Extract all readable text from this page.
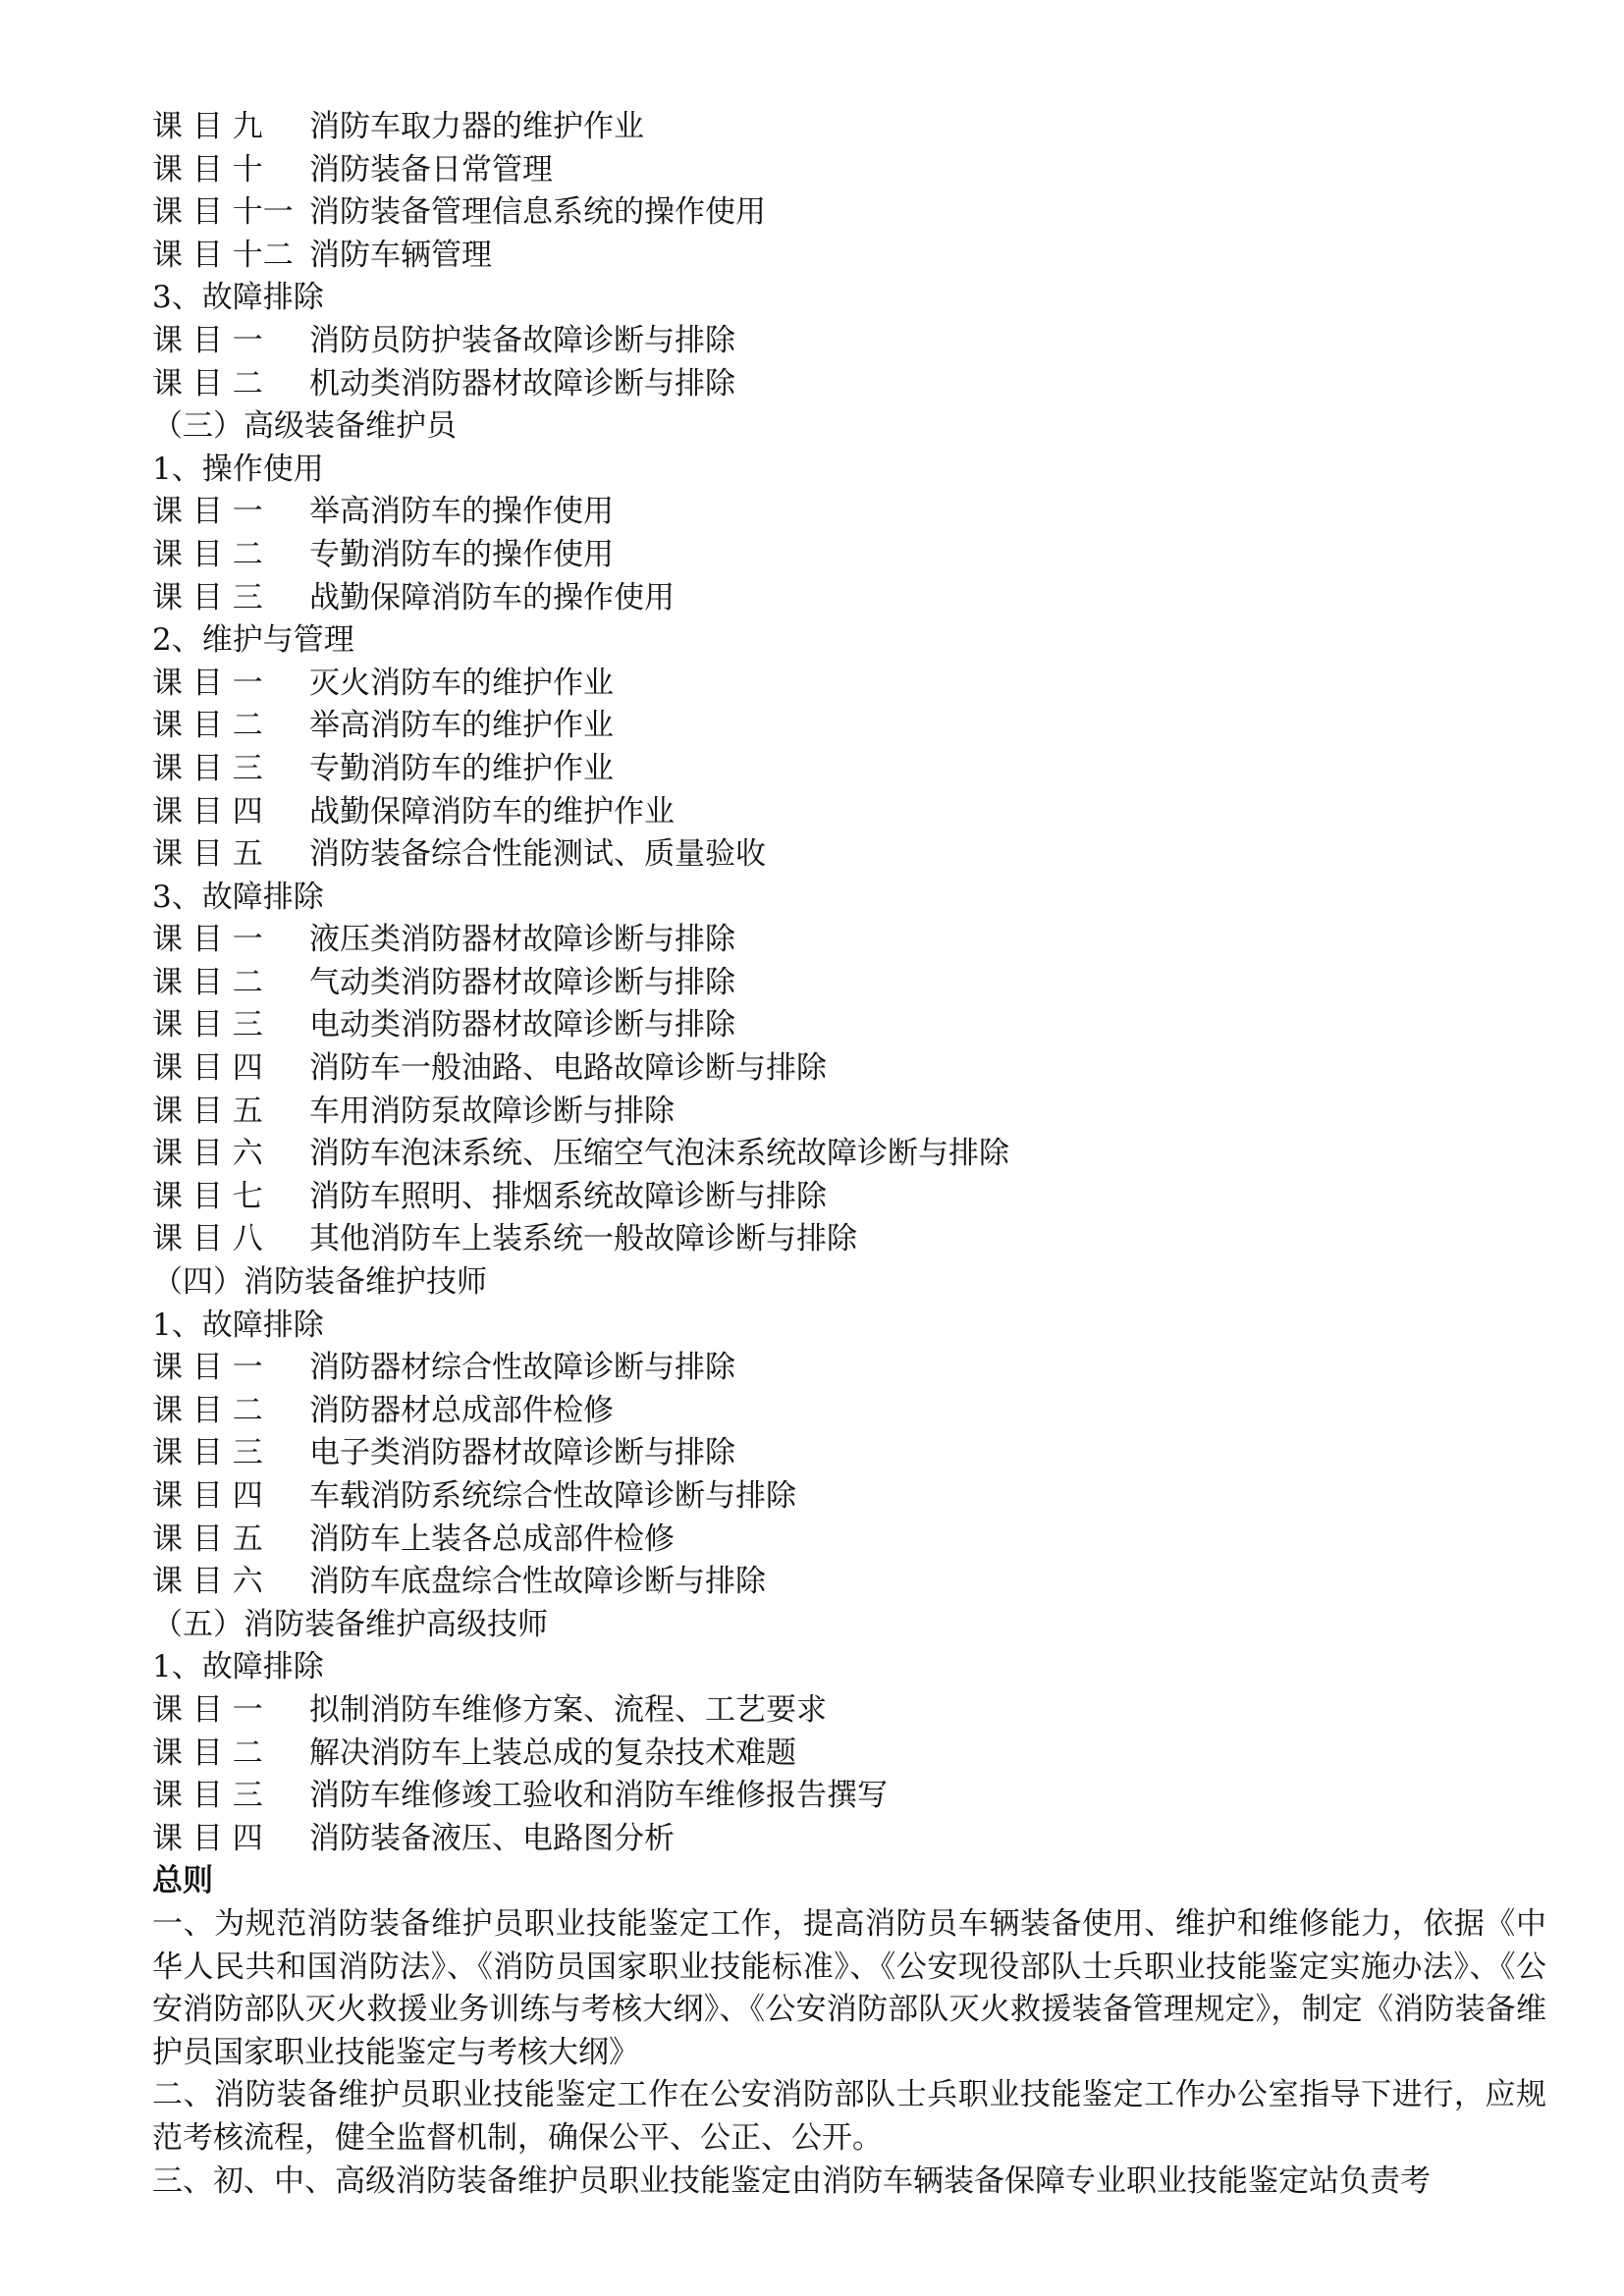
课 目 九	消防车取力器的维护作业
课 目 十	消防装备日常管理
课 目 十一 消防装备管理信息系统的操作使用
课 目 十二 消防车辆管理
3、故障排除
课 目 一	消防员防护装备故障诊断与排除
课 目 二	机动类消防器材故障诊断与排除
（三）高级装备维护员
1、操作使用
课 目 一	举高消防车的操作使用
课 目 二	专勤消防车的操作使用
课 目 三	战勤保障消防车的操作使用
2、维护与管理
课 目 一	灭火消防车的维护作业
课 目 二	举高消防车的维护作业
课 目 三	专勤消防车的维护作业
课 目 四	战勤保障消防车的维护作业
课 目 五	消防装备综合性能测试、质量验收
3、故障排除
课 目 一	液压类消防器材故障诊断与排除
课 目 二	气动类消防器材故障诊断与排除
课 目 三	电动类消防器材故障诊断与排除
课 目 四	消防车一般油路、电路故障诊断与排除
课 目 五	车用消防泵故障诊断与排除
课 目 六	消防车泡沫系统、压缩空气泡沫系统故障诊断与排除
课 目 七	消防车照明、排烟系统故障诊断与排除
课 目 八	其他消防车上装系统一般故障诊断与排除
（四）消防装备维护技师
1、故障排除
课 目 一	消防器材综合性故障诊断与排除
课 目 二	消防器材总成部件检修
课 目 三	电子类消防器材故障诊断与排除
课 目 四	车载消防系统综合性故障诊断与排除
课 目 五	消防车上装各总成部件检修
课 目 六	消防车底盘综合性故障诊断与排除
（五）消防装备维护高级技师
1、故障排除
课 目 一	拟制消防车维修方案、流程、工艺要求
课 目 二	解决消防车上装总成的复杂技术难题
课 目 三	消防车维修竣工验收和消防车维修报告撰写
课 目 四	消防装备液压、电路图分析
总则

一、为规范消防装备维护员职业技能鉴定工作，提高消防员车辆装备使用、维护和维修能力，依据《中华人民共和国消防法》、《消防员国家职业技能标准》、《公安现役部队士兵职业技能鉴定实施办法》、《公安消防部队灭火救援业务训练与考核大纲》、《公安消防部队灭火救援装备管理规定》，制定《消防装备维护员国家职业技能鉴定与考核大纲》

二、消防装备维护员职业技能鉴定工作在公安消防部队士兵职业技能鉴定工作办公室指导下进行，应规范考核流程，健全监督机制，确保公平、公正、公开。

三、初、中、高级消防装备维护员职业技能鉴定由消防车辆装备保障专业职业技能鉴定站负责考
